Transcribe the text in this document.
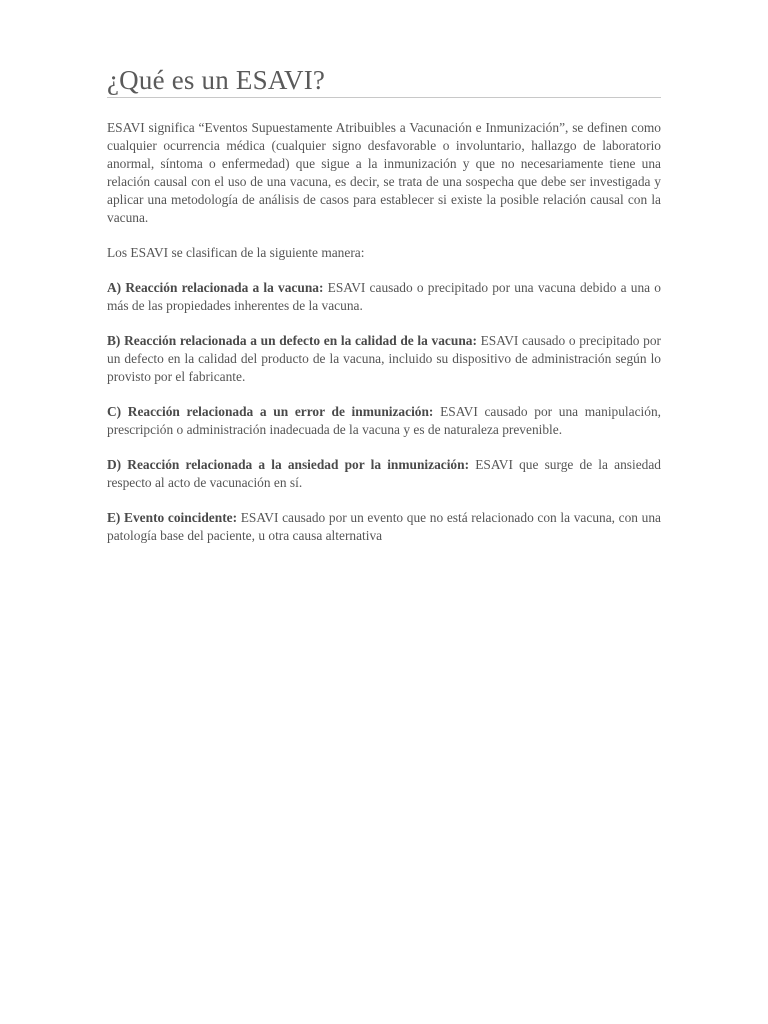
¿Qué es un ESAVI?

ESAVI significa “Eventos Supuestamente Atribuibles a Vacunación e Inmunización”, se definen como cualquier ocurrencia médica (cualquier signo desfavorable o involuntario, hallazgo de laboratorio anormal, síntoma o enfermedad) que sigue a la inmunización y que no necesariamente tiene una relación causal con el uso de una vacuna, es decir, se trata de una sospecha que debe ser investigada y aplicar una metodología de análisis de casos para establecer si existe la posible relación causal con la vacuna.

Los ESAVI se clasifican de la siguiente manera:

A) Reacción relacionada a la vacuna: ESAVI causado o precipitado por una vacuna debido a una o más de las propiedades inherentes de la vacuna.

B) Reacción relacionada a un defecto en la calidad de la vacuna: ESAVI causado o precipitado por un defecto en la calidad del producto de la vacuna, incluido su dispositivo de administración según lo provisto por el fabricante.

C) Reacción relacionada a un error de inmunización: ESAVI causado por una manipulación, prescripción o administración inadecuada de la vacuna y es de naturaleza prevenible.

D) Reacción relacionada a la ansiedad por la inmunización: ESAVI que surge de la ansiedad respecto al acto de vacunación en sí.

E) Evento coincidente: ESAVI causado por un evento que no está relacionado con la vacuna, con una patología base del paciente, u otra causa alternativa
